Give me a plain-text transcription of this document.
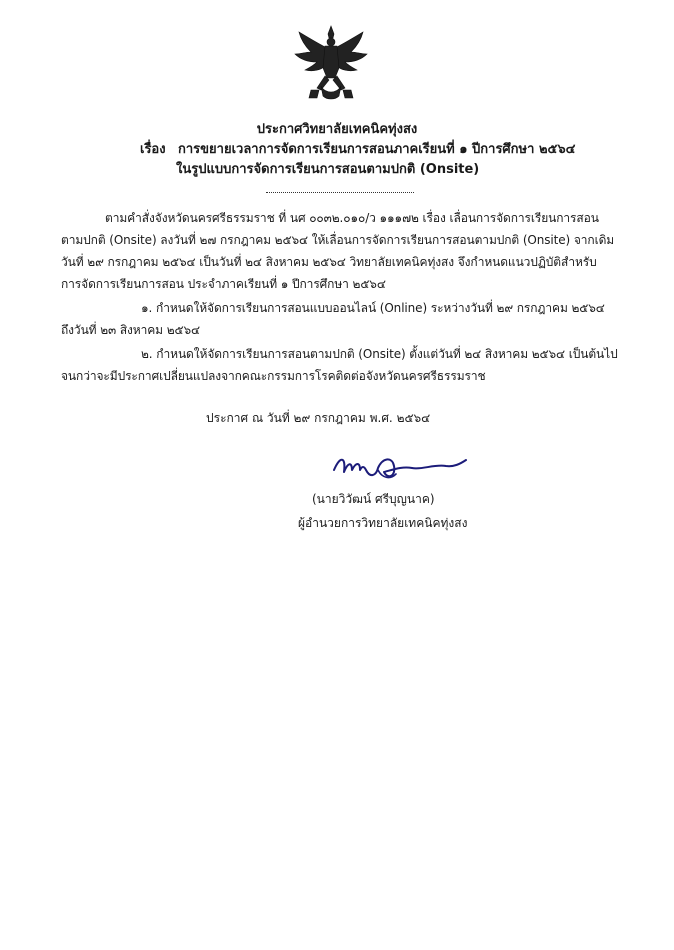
ประกาศวิทยาลัยเทคนิคทุ่งสง
เรื่อง การขยายเวลาการจัดการเรียนการสอนภาคเรียนที่ ๑ ปีการศึกษา ๒๕๖๔
ในรูปแบบการจัดการเรียนการสอนตามปกติ (Onsite)
ตามคำสั่งจังหวัดนครศรีธรรมราช ที่ นศ ๐๐๓๒.๐๑๐/ว ๑๑๑๗๒ เรื่อง เลื่อนการจัดการเรียนการสอน
ตามปกติ (Onsite) ลงวันที่ ๒๗ กรกฎาคม ๒๕๖๔ ให้เลื่อนการจัดการเรียนการสอนตามปกติ (Onsite) จากเดิม
วันที่ ๒๙ กรกฎาคม ๒๕๖๔ เป็นวันที่ ๒๔ สิงหาคม ๒๕๖๔ วิทยาลัยเทคนิคทุ่งสง จึงกำหนดแนวปฏิบัติสำหรับ
การจัดการเรียนการสอน ประจำภาคเรียนที่ ๑ ปีการศึกษา ๒๕๖๔
๑. กำหนดให้จัดการเรียนการสอนแบบออนไลน์ (Online) ระหว่างวันที่ ๒๙ กรกฎาคม ๒๕๖๔
ถึงวันที่ ๒๓ สิงหาคม ๒๕๖๔
๒. กำหนดให้จัดการเรียนการสอนตามปกติ (Onsite) ตั้งแต่วันที่ ๒๔ สิงหาคม ๒๕๖๔ เป็นต้นไป
จนกว่าจะมีประกาศเปลี่ยนแปลงจากคณะกรรมการโรคติดต่อจังหวัดนครศรีธรรมราช
ประกาศ ณ วันที่ ๒๙ กรกฎาคม พ.ศ. ๒๕๖๔
(นายวิวัฒน์ ศรีบุญนาค)
ผู้อำนวยการวิทยาลัยเทคนิคทุ่งสง
